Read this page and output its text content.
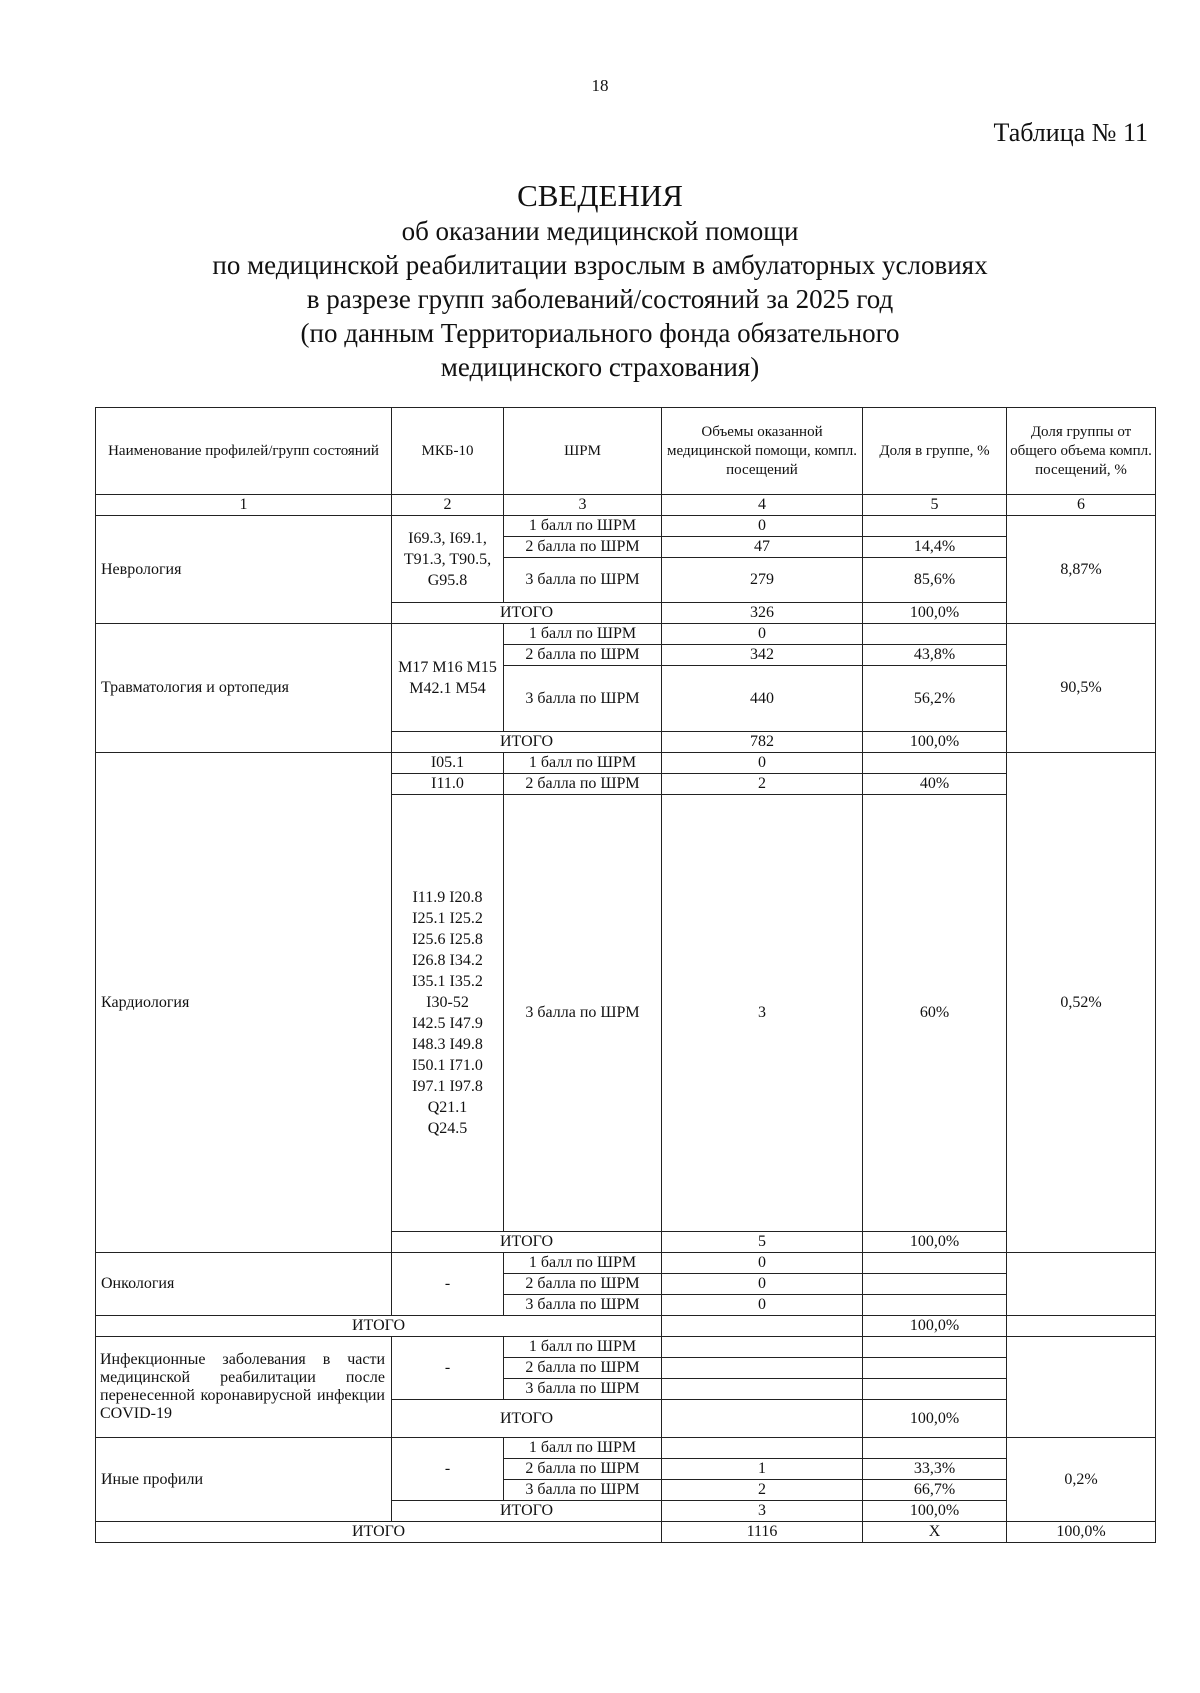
18
Таблица № 11
СВЕДЕНИЯ
об оказании медицинской помощи
по медицинской реабилитации взрослым в амбулаторных условиях
в разрезе групп заболеваний/состояний за 2025 год
(по данным Территориального фонда обязательного
медицинского страхования)
Наименование профилей/групп состояний	МКБ-10	ШРМ	Объемы оказанной медицинской помощи, компл. посещений	Доля в группе, %	Доля группы от общего объема компл. посещений, %
1	2	3	4	5	6
Неврология	I69.3, I69.1, T91.3, T90.5, G95.8	1 балл по ШРМ	0		8,87%
		2 балла по ШРМ	47	14,4%	
		3 балла по ШРМ	279	85,6%	
	ИТОГО		326	100,0%	
Травматология и ортопедия	M17 M16 M15 M42.1 M54	1 балл по ШРМ	0		90,5%
		2 балла по ШРМ	342	43,8%	
		3 балла по ШРМ	440	56,2%	
	ИТОГО		782	100,0%	
Кардиология	I05.1	1 балл по ШРМ	0		0,52%
	I11.0	2 балла по ШРМ	2	40%	
	I11.9 I20.8 I25.1 I25.2 I25.6 I25.8 I26.8 I34.2 I35.1 I35.2 I30-52 I42.5 I47.9 I48.3 I49.8 I50.1 I71.0 I97.1 I97.8 Q21.1 Q24.5	3 балла по ШРМ	3	60%	
	ИТОГО		5	100,0%	
Онкология	-	1 балл по ШРМ	0		
		2 балла по ШРМ	0		
		3 балла по ШРМ	0		
ИТОГО				100,0%	
Инфекционные заболевания в части медицинской реабилитации после перенесенной коронавирусной инфекции COVID-19	-	1 балл по ШРМ			
		2 балла по ШРМ			
		3 балла по ШРМ			
	ИТОГО			100,0%	
Иные профили	-	1 балл по ШРМ			0,2%
		2 балла по ШРМ	1	33,3%	
		3 балла по ШРМ	2	66,7%	
	ИТОГО		3	100,0%	
ИТОГО			1116	X	100,0%
